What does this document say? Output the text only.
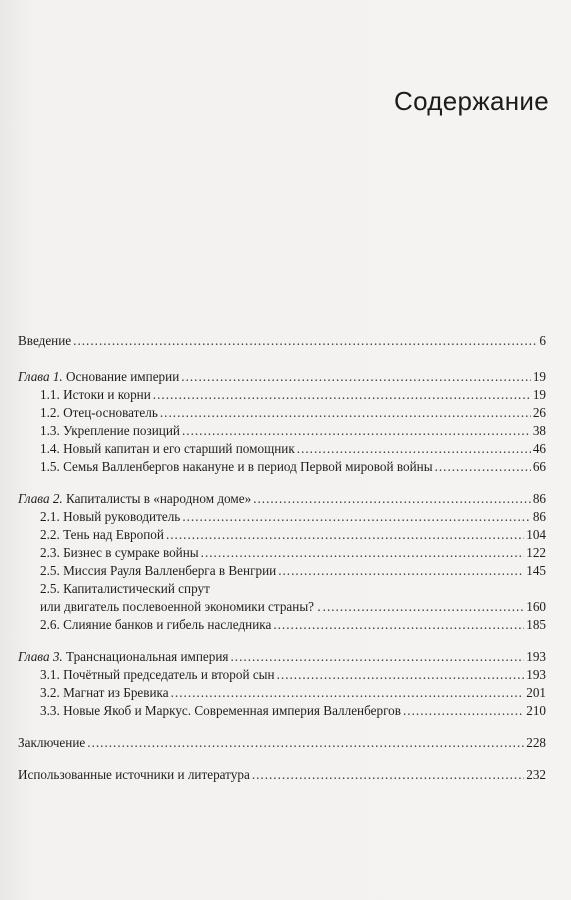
Содержание
Введение .....	6
Глава 1. Основание империи .....	19
1.1. Истоки и корни .....	19
1.2. Отец-основатель .....	26
1.3. Укрепление позиций .....	38
1.4. Новый капитан и его старший помощник .....	46
1.5. Семья Валленбергов накануне и в период Первой мировой войны .....	66
Глава 2. Капиталисты в «народном доме» .....	86
2.1. Новый руководитель .....	86
2.2. Тень над Европой .....	104
2.3. Бизнес в сумраке войны .....	122
2.5. Миссия Рауля Валленберга в Венгрии .....	145
2.5. Капиталистический спрут
или двигатель послевоенной экономики страны? . .....	160
2.6. Слияние банков и гибель наследника .....	185
Глава 3. Транснациональная империя .....	193
3.1. Почётный председатель и второй сын .....	193
3.2. Магнат из Бревика .....	201
3.3. Новые Якоб и Маркус. Современная империя Валленбергов .....	210
Заключение .....	228
Использованные источники и литература .....	232
